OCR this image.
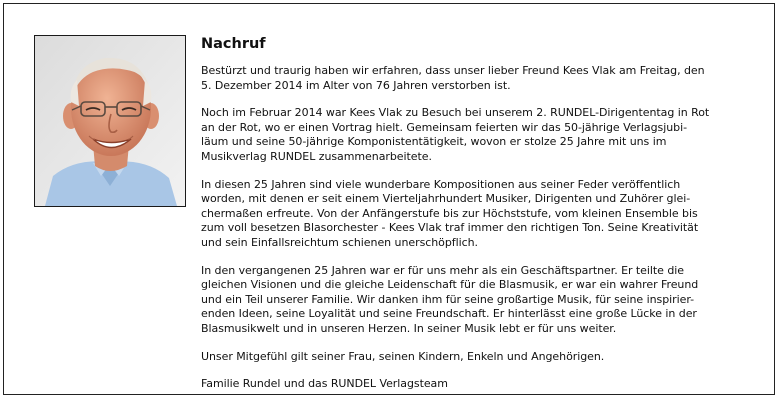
Nachruf

Bestürzt und traurig haben wir erfahren, dass unser lieber Freund Kees Vlak am Freitag, den
5. Dezember 2014 im Alter von 76 Jahren verstorben ist.

Noch im Februar 2014 war Kees Vlak zu Besuch bei unserem 2. RUNDEL-Dirigententag in Rot
an der Rot, wo er einen Vortrag hielt. Gemeinsam feierten wir das 50-jährige Verlagsjubi-
läum und seine 50-jährige Komponistentätigkeit, wovon er stolze 25 Jahre mit uns im
Musikverlag RUNDEL zusammenarbeitete.

In diesen 25 Jahren sind viele wunderbare Kompositionen aus seiner Feder veröffentlich
worden, mit denen er seit einem Vierteljahrhundert Musiker, Dirigenten und Zuhörer glei-
chermaßen erfreute. Von der Anfängerstufe bis zur Höchststufe, vom kleinen Ensemble bis
zum voll besetzen Blasorchester - Kees Vlak traf immer den richtigen Ton. Seine Kreativität
und sein Einfallsreichtum schienen unerschöpflich.

In den vergangenen 25 Jahren war er für uns mehr als ein Geschäftspartner. Er teilte die
gleichen Visionen und die gleiche Leidenschaft für die Blasmusik, er war ein wahrer Freund
und ein Teil unserer Familie. Wir danken ihm für seine großartige Musik, für seine inspirier-
enden Ideen, seine Loyalität und seine Freundschaft. Er hinterlässt eine große Lücke in der
Blasmusikwelt und in unseren Herzen. In seiner Musik lebt er für uns weiter.

Unser Mitgefühl gilt seiner Frau, seinen Kindern, Enkeln und Angehörigen.

Familie Rundel und das RUNDEL Verlagsteam
